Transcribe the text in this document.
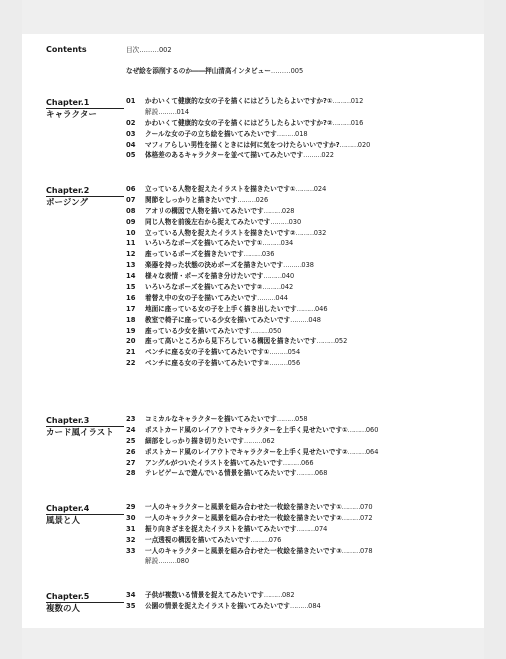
Contents	目次………002
なぜ絵を添削するのか――押山清高インタビュー………005
Chapter.1
キャラクター
01	かわいくて健康的な女の子を描くにはどうしたらよいですか?①………012
解説………014
02	かわいくて健康的な女の子を描くにはどうしたらよいですか?②………016
03	クールな女の子の立ち絵を描いてみたいです………018
04	マフィアらしい男性を描くときには何に気をつけたらいいですか?………020
05	体格差のあるキャラクターを並べて描いてみたいです………022
Chapter.2
ポージング
06	立っている人物を捉えたイラストを描きたいです①………024
07	関節をしっかりと描きたいです………026
08	アオリの構図で人物を描いてみたいです………028
09	同じ人物を前後左右から捉えてみたいです………030
10	立っている人物を捉えたイラストを描きたいです②………032
11	いろいろなポーズを描いてみたいです①………034
12	座っているポーズを描きたいです………036
13	楽器を持った状態の決めポーズを描きたいです………038
14	様々な表情・ポーズを描き分けたいです………040
15	いろいろなポーズを描いてみたいです②………042
16	着替え中の女の子を描いてみたいです………044
17	地面に座っている女の子を上手く描き出したいです………046
18	教室で椅子に座っている少女を描いてみたいです………048
19	座っている少女を描いてみたいです………050
20	座って高いところから見下ろしている構図を描きたいです………052
21	ベンチに座る女の子を描いてみたいです①………054
22	ベンチに座る女の子を描いてみたいです②………056
Chapter.3
カード風イラスト
23	コミカルなキャラクターを描いてみたいです………058
24	ポストカード風のレイアウトでキャラクターを上手く見せたいです①………060
25	細部をしっかり描き切りたいです………062
26	ポストカード風のレイアウトでキャラクターを上手く見せたいです②………064
27	アングルがついたイラストを描いてみたいです………066
28	テレビゲームで遊んでいる情景を描いてみたいです………068
Chapter.4
風景と人
29	一人のキャラクターと風景を組み合わせた一枚絵を描きたいです①………070
30	一人のキャラクターと風景を組み合わせた一枚絵を描きたいです②………072
31	振り向きざまを捉えたイラストを描いてみたいです………074
32	一点透視の構図を描いてみたいです………076
33	一人のキャラクターと風景を組み合わせた一枚絵を描きたいです③………078
解説………080
Chapter.5
複数の人
34	子供が複数いる情景を捉えてみたいです………082
35	公園の情景を捉えたイラストを描いてみたいです………084
